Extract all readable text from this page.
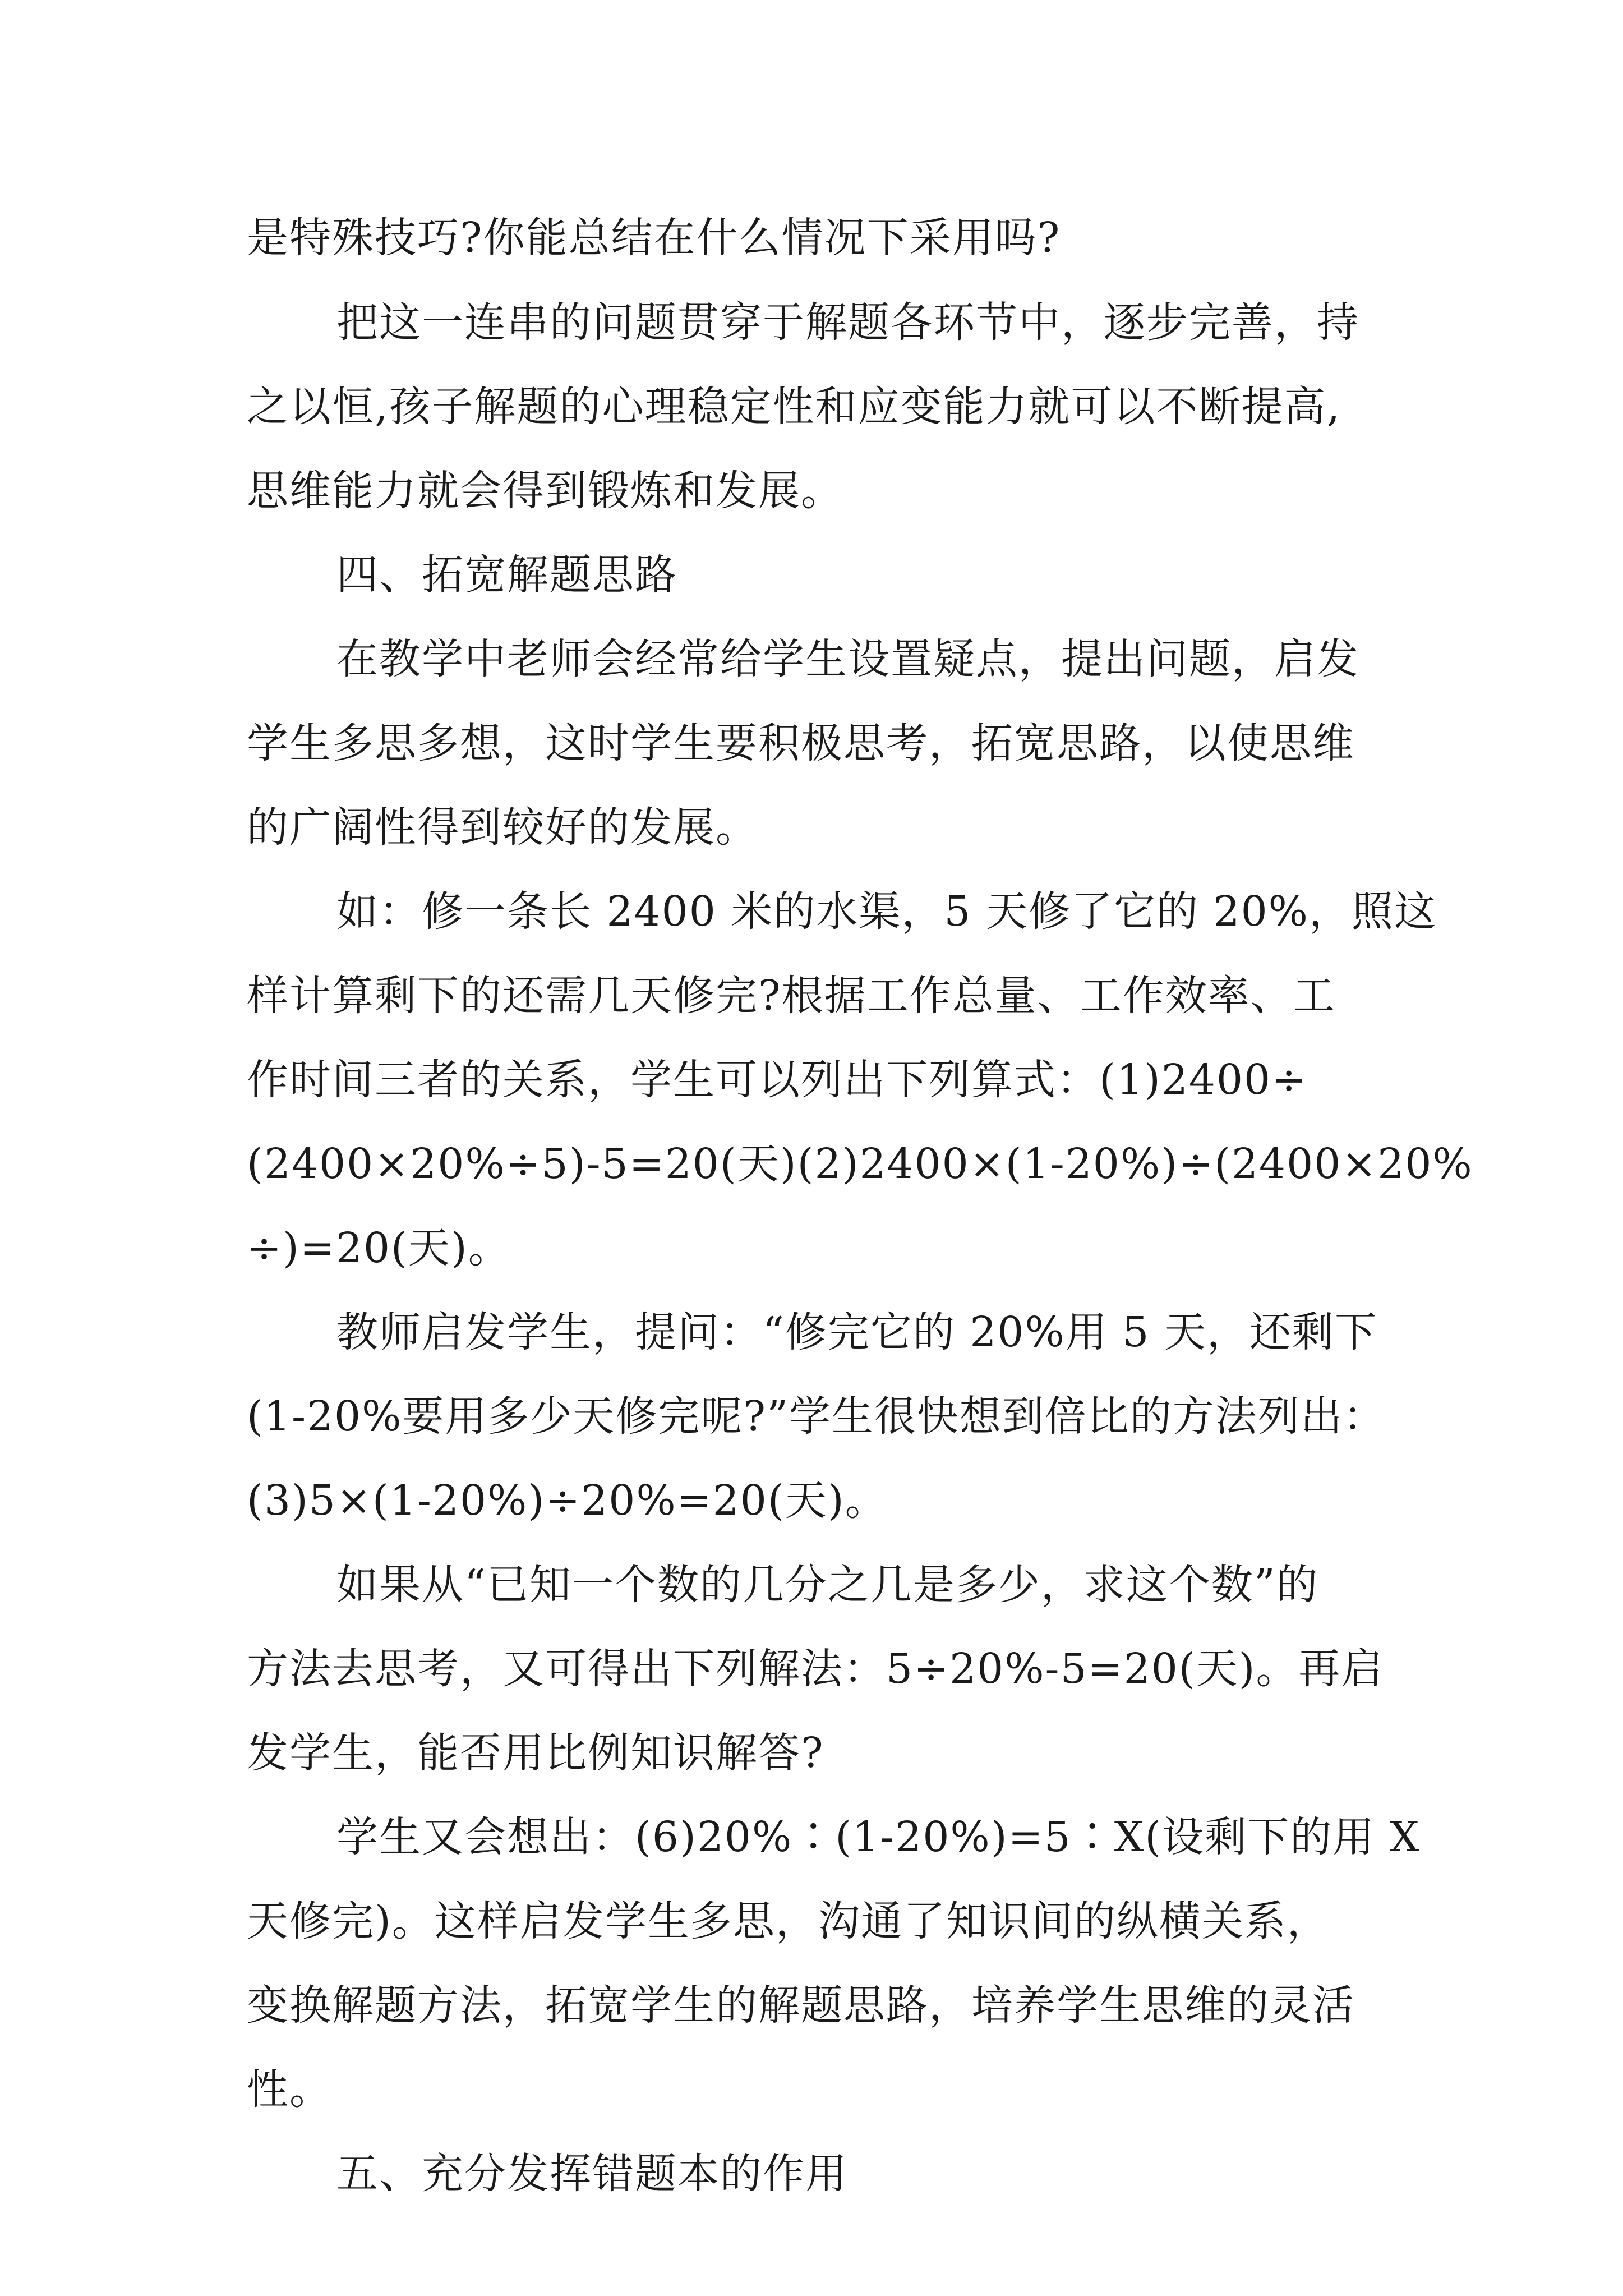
是特殊技巧?你能总结在什么情况下采用吗?

把这一连串的问题贯穿于解题各环节中，逐步完善，持

之以恒,孩子解题的心理稳定性和应变能力就可以不断提高,

思维能力就会得到锻炼和发展。

四、拓宽解题思路

在教学中老师会经常给学生设置疑点，提出问题，启发

学生多思多想，这时学生要积极思考，拓宽思路，以使思维

的广阔性得到较好的发展。

如：修一条长 2400 米的水渠，5 天修了它的 20%，照这

样计算剩下的还需几天修完?根据工作总量、工作效率、工

作时间三者的关系，学生可以列出下列算式：(1)2400÷

(2400×20%÷5)-5=20(天)(2)2400×(1-20%)÷(2400×20%

÷)=20(天)。

教师启发学生，提问：“修完它的 20%用 5 天，还剩下

(1-20%要用多少天修完呢?”学生很快想到倍比的方法列出：

(3)5×(1-20%)÷20%=20(天)。

如果从“已知一个数的几分之几是多少，求这个数”的

方法去思考，又可得出下列解法：5÷20%-5=20(天)。再启

发学生，能否用比例知识解答?

学生又会想出：(6)20%∶(1-20%)=5∶X(设剩下的用 X

天修完)。这样启发学生多思，沟通了知识间的纵横关系，

变换解题方法，拓宽学生的解题思路，培养学生思维的灵活

性。

五、充分发挥错题本的作用
